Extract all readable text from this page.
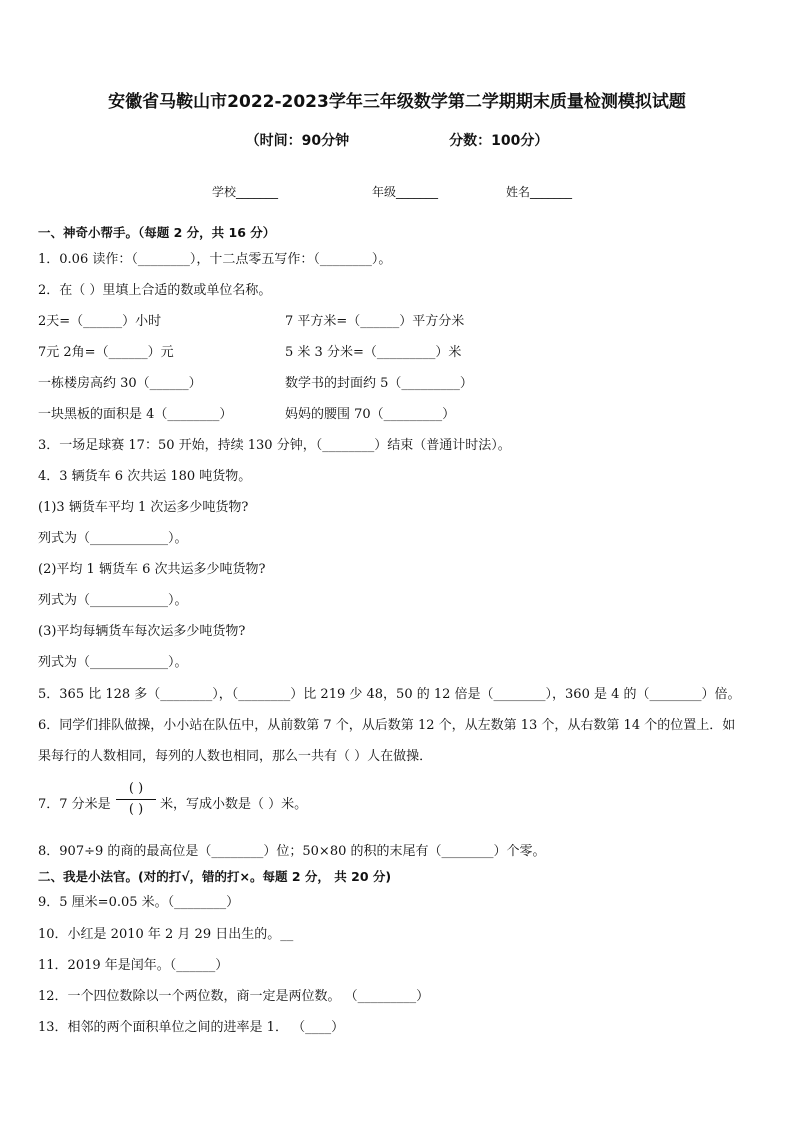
安徽省马鞍山市2022-2023学年三年级数学第二学期期末质量检测模拟试题
（时间：90分钟	分数：100分）
学校_______	年级_______	姓名_______
一、神奇小帮手。（每题 2 分，共 16 分）
1．0.06 读作：（________），十二点零五写作：（________）。
2．在（ ）里填上合适的数或单位名称。
2天=（______）小时	7 平方米=（______）平方分米
7元 2角=（______）元	5 米 3 分米=（_________）米
一栋楼房高约 30（______）	数学书的封面约 5（_________）
一块黑板的面积是 4（________）	妈妈的腰围 70（_________）
3．一场足球赛 17：50 开始，持续 130 分钟，（________）结束（普通计时法）。
4．3 辆货车 6 次共运 180 吨货物。
(1)3 辆货车平均 1 次运多少吨货物?
列式为（____________）。
(2)平均 1 辆货车 6 次共运多少吨货物?
列式为（____________）。
(3)平均每辆货车每次运多少吨货物?
列式为（____________）。
5．365 比 128 多（________），（________）比 219 少 48，50 的 12 倍是（________），360 是 4 的（________）倍。
6．同学们排队做操，小小站在队伍中，从前数第 7 个，从后数第 12 个，从左数第 13 个，从右数第 14 个的位置上．如
果每行的人数相同，每列的人数也相同，那么一共有（ ）人在做操．
7．7 分米是
( )
( )	米，写成小数是（ ）米。
8．907÷9 的商的最高位是（________）位；50×80 的积的末尾有（________）个零。
二、我是小法官。(对的打√，错的打×。每题 2 分， 共 20 分)
9．5 厘米=0.05 米。（________）
10．小红是 2010 年 2 月 29 日出生的。__
11．2019 年是闰年。（______）
12．一个四位数除以一个两位数，商一定是两位数。 （_________）
13．相邻的两个面积单位之间的进率是 1． （____）
